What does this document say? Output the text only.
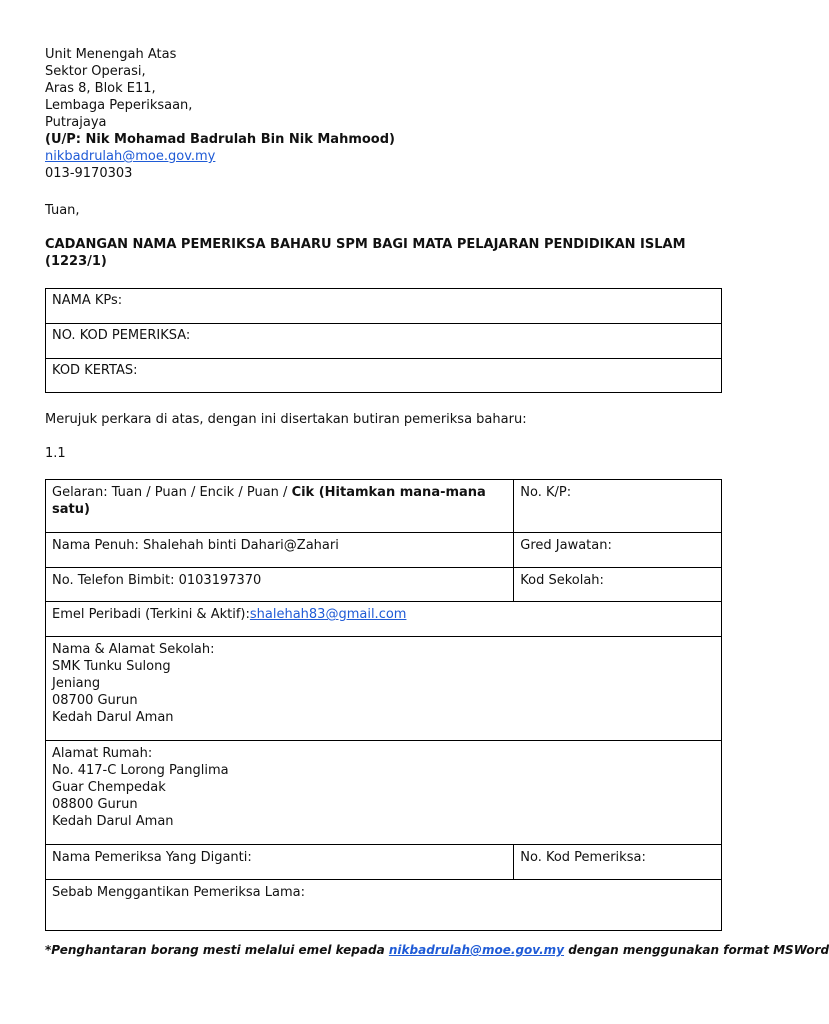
Unit Menengah Atas
Sektor Operasi,
Aras 8, Blok E11,
Lembaga Peperiksaan,
Putrajaya
(U/P: Nik Mohamad Badrulah Bin Nik Mahmood)
nikbadrulah@moe.gov.my
013-9170303
Tuan,
CADANGAN NAMA PEMERIKSA BAHARU SPM BAGI MATA PELAJARAN PENDIDIKAN ISLAM
(1223/1)
NAMA KPs:
NO. KOD PEMERIKSA:
KOD KERTAS:
Merujuk perkara di atas, dengan ini disertakan butiran pemeriksa baharu:
1.1
Gelaran: Tuan / Puan / Encik / Puan / Cik (Hitamkan mana-mana
satu)	No. K/P:
Nama Penuh: Shalehah binti Dahari@Zahari	Gred Jawatan:
No. Telefon Bimbit: 0103197370	Kod Sekolah:
Emel Peribadi (Terkini & Aktif):shalehah83@gmail.com	

Nama & Alamat Sekolah:
SMK Tunku Sulong
Jeniang
08700 Gurun
Kedah Darul Aman	

Alamat Rumah:
No. 417-C Lorong Panglima
Guar Chempedak
08800 Gurun
Kedah Darul Aman	

Nama Pemeriksa Yang Diganti:	No. Kod Pemeriksa:
Sebab Menggantikan Pemeriksa Lama:	
*Penghantaran borang mesti melalui emel kepada nikbadrulah@moe.gov.my dengan menggunakan format MSWord
